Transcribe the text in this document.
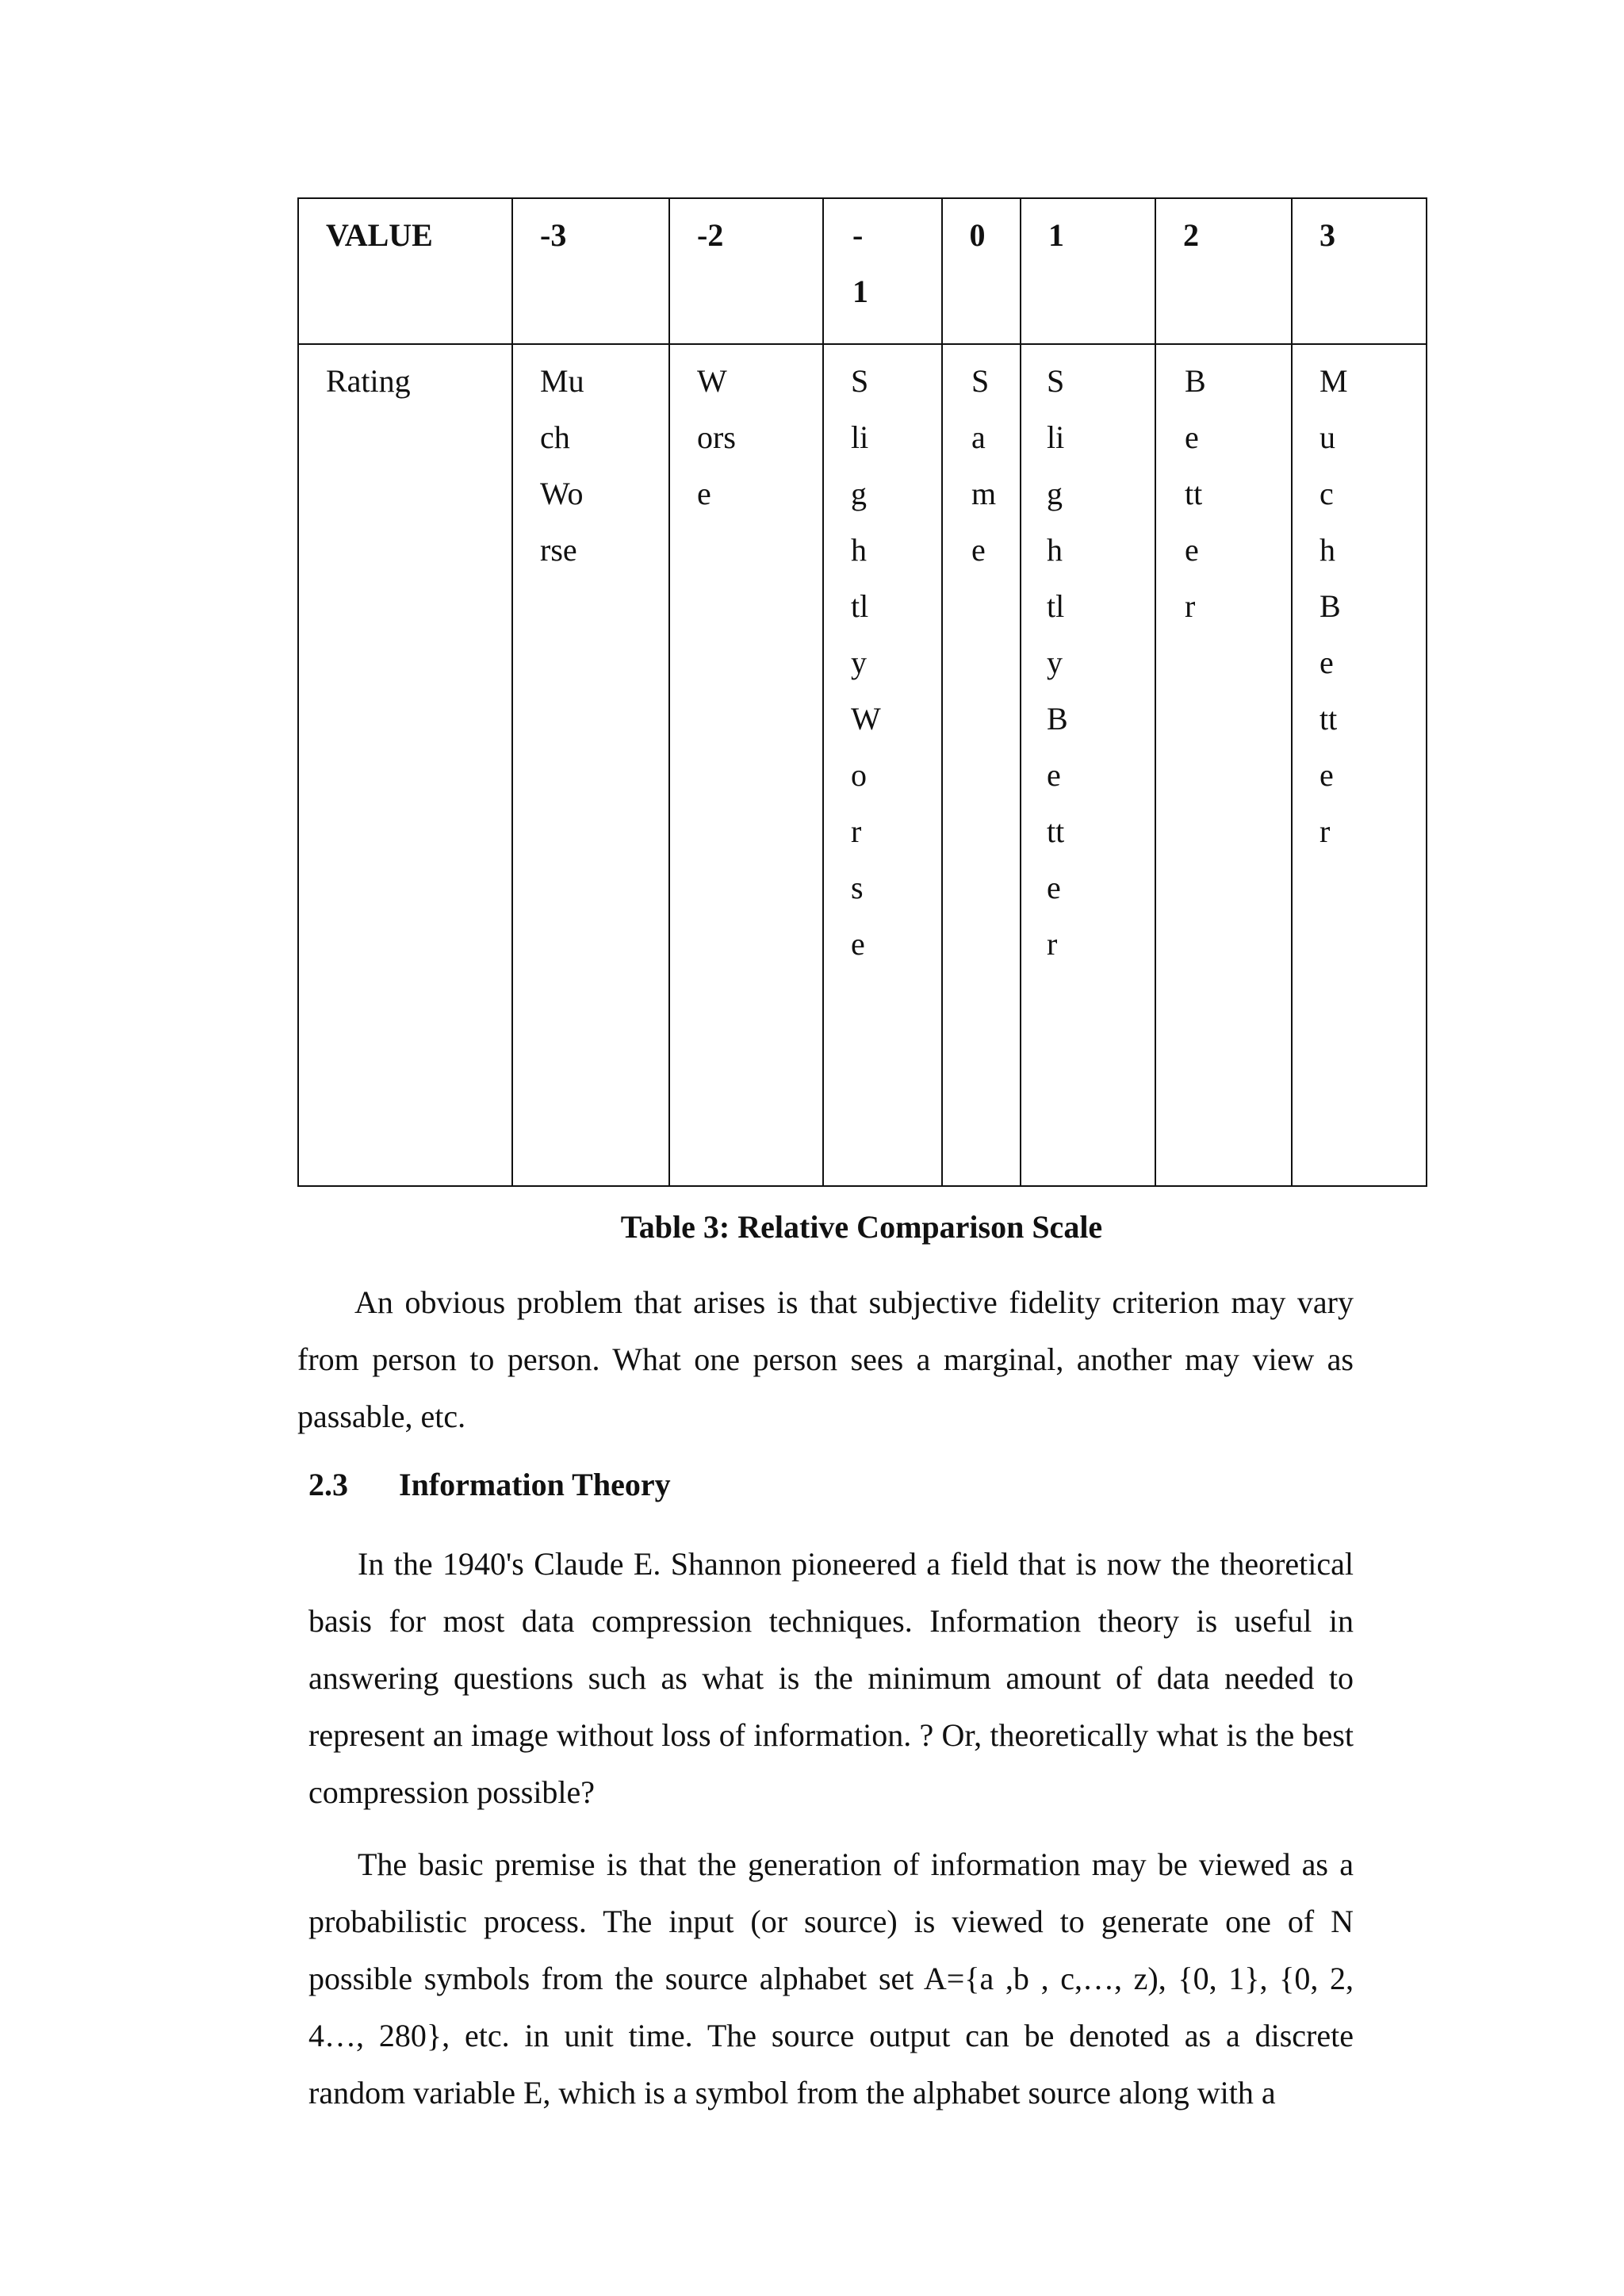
VALUE	-3	-2	-1	0	1	2	3

Rating	Much Worse	Worse	Slightly Worse	Same	Slightly Better	Better	Much Better
Table 3: Relative Comparison Scale

An obvious problem that arises is that subjective fidelity criterion may vary from person to person. What one person sees a marginal, another may view as passable, etc.

2.3 Information Theory

In the 1940's Claude E. Shannon pioneered a field that is now the theoretical basis for most data compression techniques. Information theory is useful in answering questions such as what is the minimum amount of data needed to represent an image without loss of information. ? Or, theoretically what is the best compression possible?

The basic premise is that the generation of information may be viewed as a probabilistic process. The input (or source) is viewed to generate one of N possible symbols from the source alphabet set A={a ,b , c,…, z), {0, 1}, {0, 2, 4…, 280}, etc. in unit time. The source output can be denoted as a discrete random variable E, which is a symbol from the alphabet source along with a
